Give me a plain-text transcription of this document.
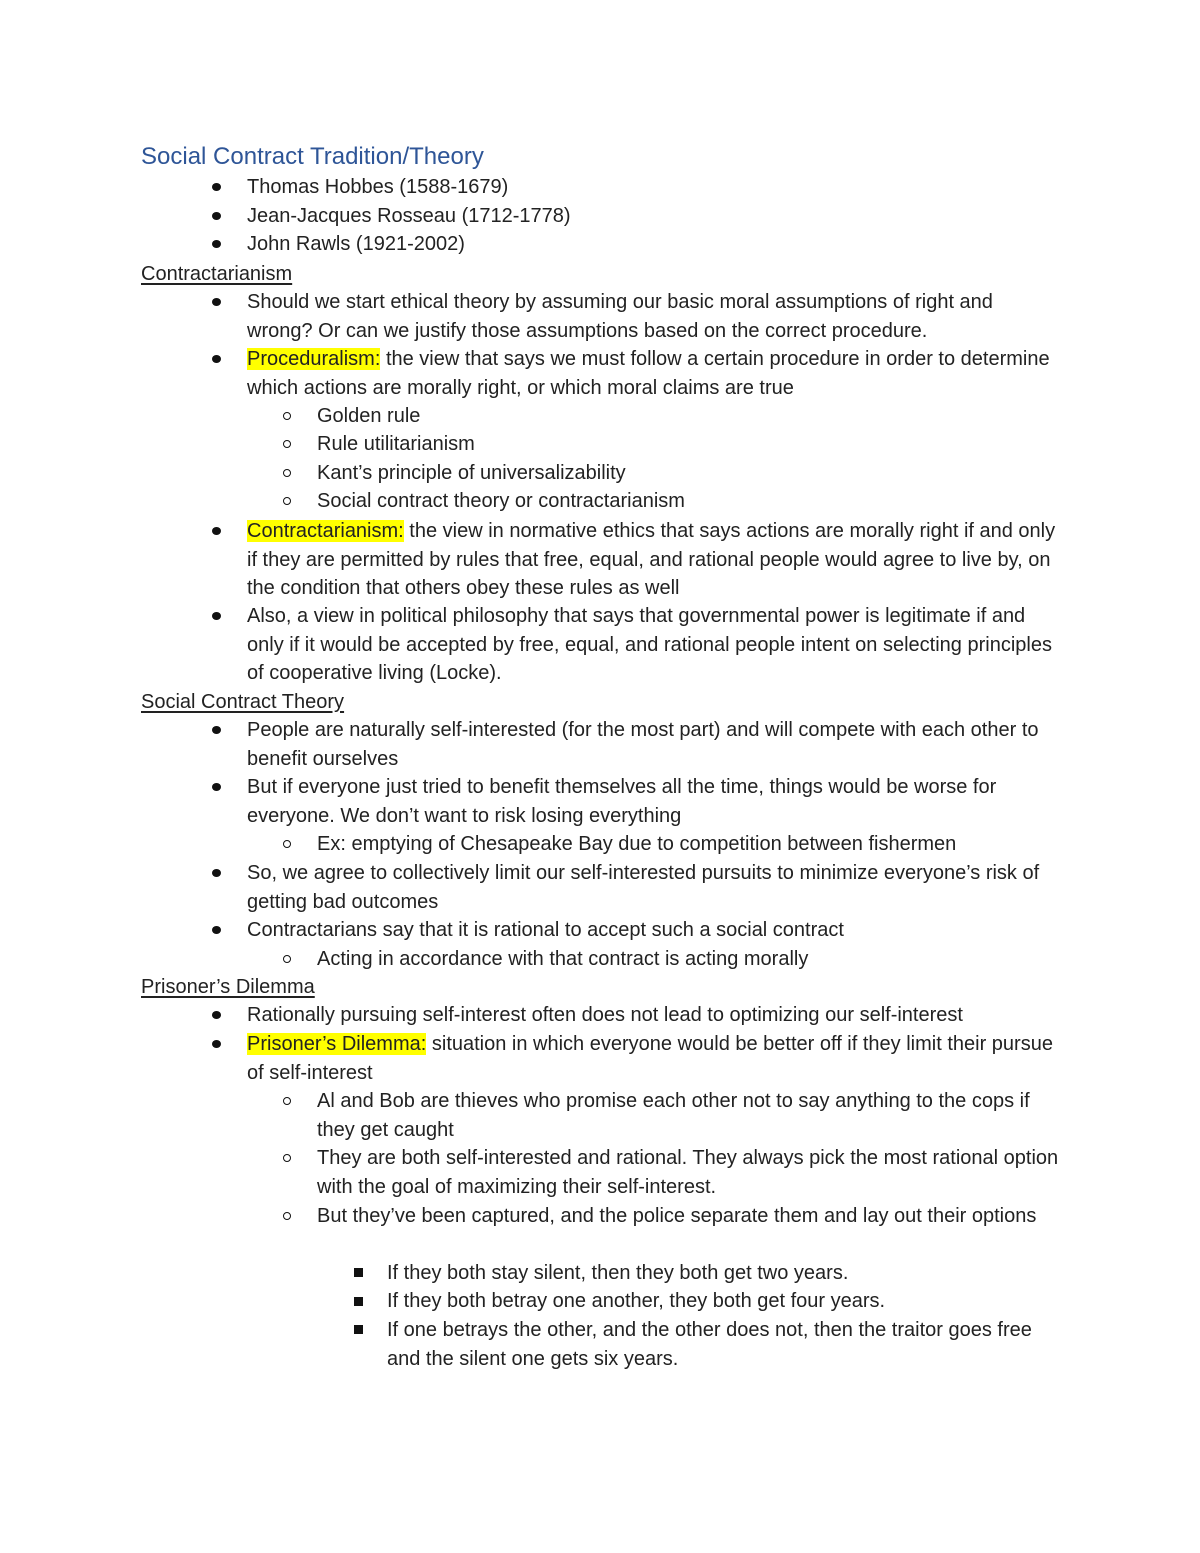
Social Contract Tradition/Theory

Thomas Hobbes (1588-1679)

Jean-Jacques Rosseau (1712-1778)

John Rawls (1921-2002)

Contractarianism

Should we start ethical theory by assuming our basic moral assumptions of right and wrong? Or can we justify those assumptions based on the correct procedure.

Proceduralism: the view that says we must follow a certain procedure in order to determine which actions are morally right, or which moral claims are true

Golden rule

Rule utilitarianism

Kant’s principle of universalizability

Social contract theory or contractarianism

Contractarianism: the view in normative ethics that says actions are morally right if and only if they are permitted by rules that free, equal, and rational people would agree to live by, on the condition that others obey these rules as well

Also, a view in political philosophy that says that governmental power is legitimate if and only if it would be accepted by free, equal, and rational people intent on selecting principles of cooperative living (Locke).

Social Contract Theory

People are naturally self-interested (for the most part) and will compete with each other to benefit ourselves

But if everyone just tried to benefit themselves all the time, things would be worse for everyone. We don’t want to risk losing everything

Ex: emptying of Chesapeake Bay due to competition between fishermen

So, we agree to collectively limit our self-interested pursuits to minimize everyone’s risk of getting bad outcomes

Contractarians say that it is rational to accept such a social contract

Acting in accordance with that contract is acting morally

Prisoner’s Dilemma

Rationally pursuing self-interest often does not lead to optimizing our self-interest

Prisoner’s Dilemma: situation in which everyone would be better off if they limit their pursue of self-interest

Al and Bob are thieves who promise each other not to say anything to the cops if they get caught

They are both self-interested and rational. They always pick the most rational option with the goal of maximizing their self-interest.

But they’ve been captured, and the police separate them and lay out their options

If they both stay silent, then they both get two years.

If they both betray one another, they both get four years.

If one betrays the other, and the other does not, then the traitor goes free and the silent one gets six years.
